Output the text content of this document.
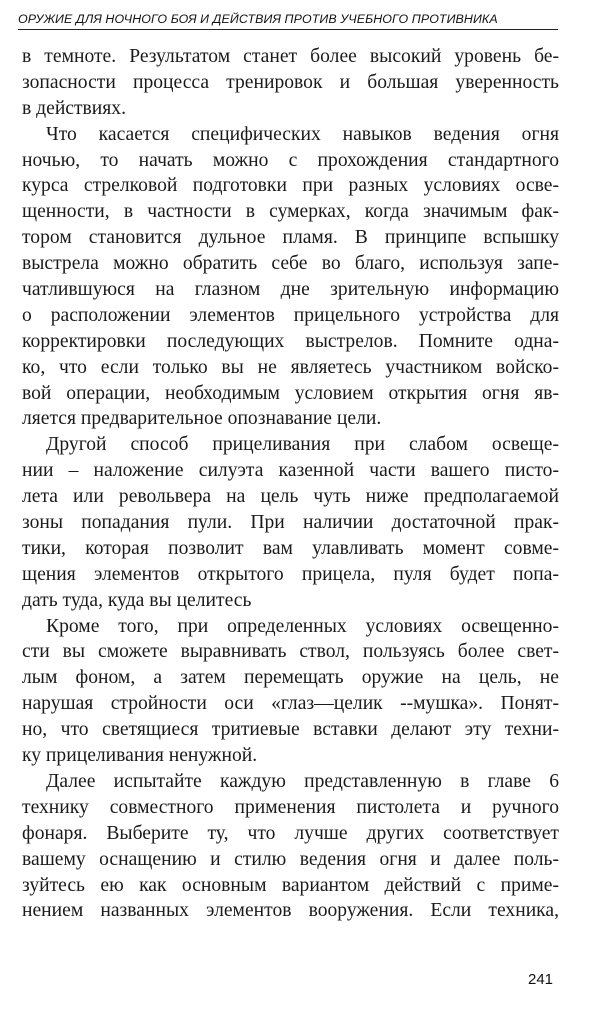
ОРУЖИЕ ДЛЯ НОЧНОГО БОЯ И ДЕЙСТВИЯ ПРОТИВ УЧЕБНОГО ПРОТИВНИКА
в темноте. Результатом станет более высокий уровень бе-
зопасности процесса тренировок и большая уверенность
в действиях.
Что касается специфических навыков ведения огня
ночью, то начать можно с прохождения стандартного
курса стрелковой подготовки при разных условиях осве-
щенности, в частности в сумерках, когда значимым фак-
тором становится дульное пламя. В принципе вспышку
выстрела можно обратить себе во благо, используя запе-
чатлившуюся на глазном дне зрительную информацию
о расположении элементов прицельного устройства для
корректировки последующих выстрелов. Помните одна-
ко, что если только вы не являетесь участником войско-
вой операции, необходимым условием открытия огня яв-
ляется предварительное опознавание цели.
Другой способ прицеливания при слабом освеще-
нии – наложение силуэта казенной части вашего писто-
лета или револьвера на цель чуть ниже предполагаемой
зоны попадания пули. При наличии достаточной прак-
тики, которая позволит вам улавливать момент совме-
щения элементов открытого прицела, пуля будет попа-
дать туда, куда вы целитесь
Кроме того, при определенных условиях освещенно-
сти вы сможете выравнивать ствол, пользуясь более свет-
лым фоном, а затем перемещать оружие на цель, не
нарушая стройности оси «глаз—целик --мушка». Понят-
но, что светящиеся тритиевые вставки делают эту техни-
ку прицеливания ненужной.
Далее испытайте каждую представленную в главе 6
технику совместного применения пистолета и ручного
фонаря. Выберите ту, что лучше других соответствует
вашему оснащению и стилю ведения огня и далее поль-
зуйтесь ею как основным вариантом действий с приме-
нением названных элементов вооружения. Если техника,
241
